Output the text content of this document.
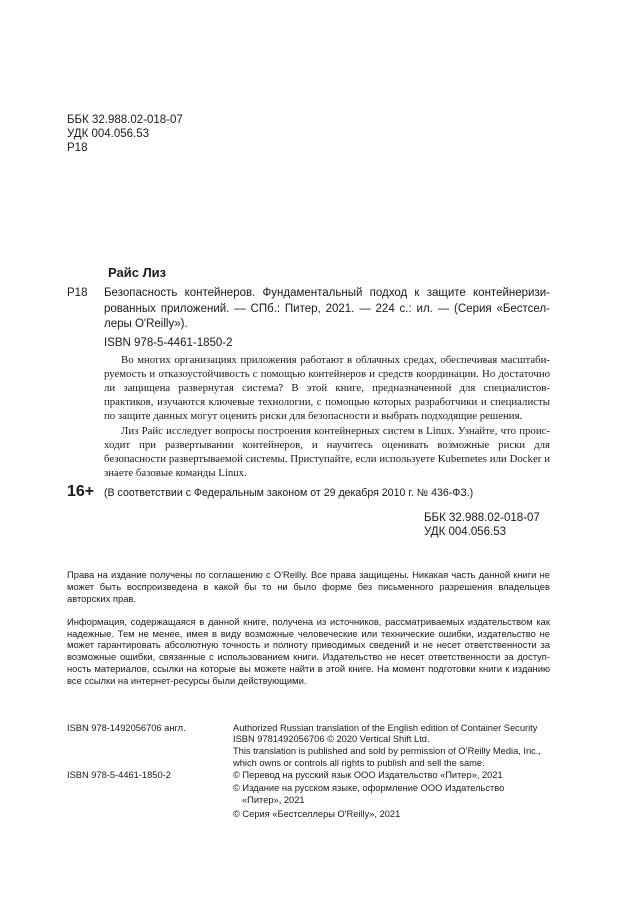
ББК 32.988.02-018-07
УДК 004.056.53
Р18
Райс Лиз
Р18	Безопасность контейнеров. Фундаментальный подход к защите контейнеризированных приложений. — СПб.: Питер, 2021. — 224 с.: ил. — (Серия «Бестселлеры O'Reilly»).
ISBN 978-5-4461-1850-2

Во многих организациях приложения работают в облачных средах, обеспечивая масштабируемость и отказоустойчивость с помощью контейнеров и средств координации. Но достаточно ли защищена развернутая система? В этой книге, предназначенной для специалистов-практиков, изучаются ключевые технологии, с помощью которых разработчики и специалисты по защите данных могут оценить риски для безопасности и выбрать подходящие решения.

Лиз Райс исследует вопросы построения контейнерных систем в Linux. Узнайте, что происходит при развертывании контейнеров, и научитесь оценивать возможные риски для безопасности развертываемой системы. Приступайте, если используете Kubernetes или Docker и знаете базовые команды Linux.

16+ (В соответствии с Федеральным законом от 29 декабря 2010 г. № 436-ФЗ.)
ББК 32.988.02-018-07
УДК 004.056.53

Права на издание получены по соглашению с O'Reilly. Все права защищены. Никакая часть данной книги не может быть воспроизведена в какой бы то ни было форме без письменного разрешения владельцев авторских прав.

Информация, содержащаяся в данной книге, получена из источников, рассматриваемых издательством как надежные. Тем не менее, имея в виду возможные человеческие или технические ошибки, издательство не может гарантировать абсолютную точность и полноту приводимых сведений и не несет ответственности за возможные ошибки, связанные с использованием книги. Издательство не несет ответственности за доступность материалов, ссылки на которые вы можете найти в этой книге. На момент подготовки книги к изданию все ссылки на интернет-ресурсы были действующими.

ISBN 978-1492056706 англ.
ISBN 978-5-4461-1850-2
Authorized Russian translation of the English edition of Container Security
ISBN 9781492056706 © 2020 Vertical Shift Ltd.
This translation is published and sold by permission of O’Reilly Media, Inc.,
which owns or controls all rights to publish and sell the same.
© Перевод на русский язык ООО Издательство «Питер», 2021
© Издание на русском языке, оформление ООО Издательство
«Питер», 2021
© Серия «Бестселлеры O'Reilly», 2021
